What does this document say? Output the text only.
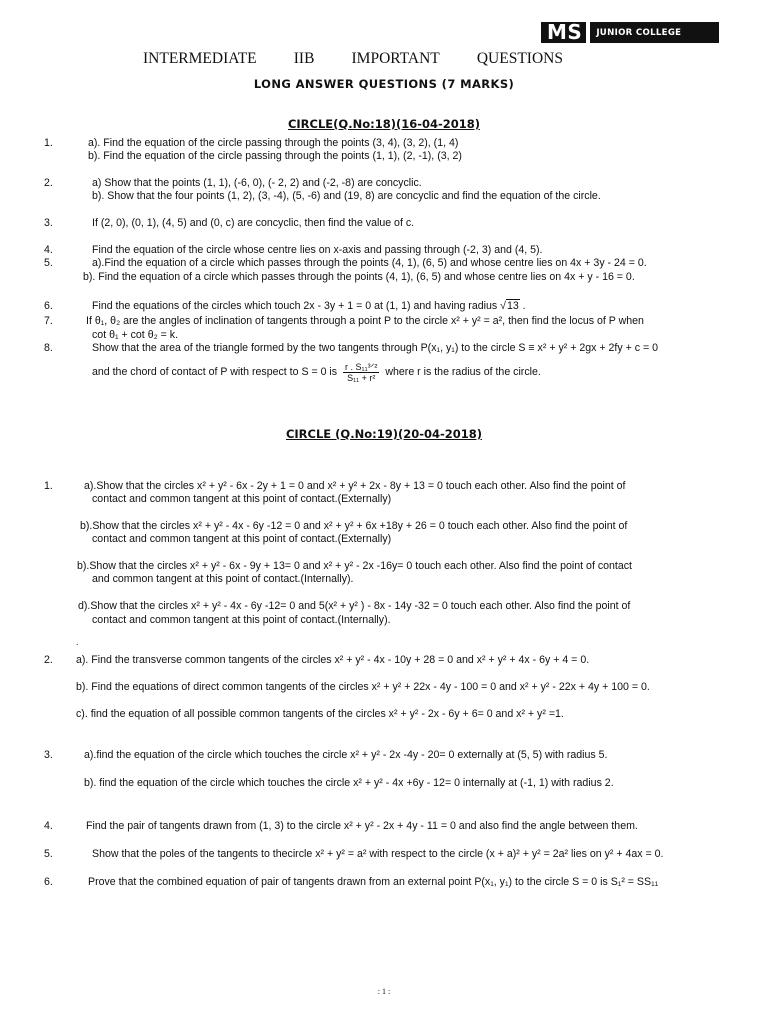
MS	JUNIOR COLLEGE
INTERMEDIATE IIB IMPORTANT QUESTIONS
LONG ANSWER QUESTIONS (7 MARKS)
CIRCLE(Q.No:18)(16-04-2018)
1.	a). Find the equation of the circle passing through the points (3, 4), (3, 2), (1, 4)
b). Find the equation of the circle passing through the points (1, 1), (2, -1), (3, 2)
2.	a) Show that the points (1, 1), (-6, 0), (- 2, 2) and (-2, -8) are concyclic.
b). Show that the four points (1, 2), (3, -4), (5, -6) and (19, 8) are concyclic and find the equation of the circle.
3.	If (2, 0), (0, 1), (4, 5) and (0, c) are concyclic, then find the value of c.
4.	Find the equation of the circle whose centre lies on x-axis and passing through (-2, 3) and (4, 5).
5.	a).Find the equation of a circle which passes through the points (4, 1), (6, 5) and whose centre lies on 4x + 3y - 24 = 0.
b). Find the equation of a circle which passes through the points (4, 1), (6, 5) and whose centre lies on 4x + y - 16 = 0.
6.	Find the equations of the circles which touch 2x - 3y + 1 = 0 at (1, 1) and having radius √13 .
7.	If θ₁, θ₂ are the angles of inclination of tangents through a point P to the circle x² + y² = a², then find the locus of P when
cot θ₁ + cot θ₂ = k.
8.	Show that the area of the triangle formed by the two tangents through P(x₁, y₁) to the circle S ≡ x² + y² + 2gx + 2fy + c = 0
and the chord of contact of P with respect to S = 0 is $\frac{\text{r . S₁₁³ᐟ²}}{\text{S₁₁ + r²}}$ where r is the radius of the circle.
CIRCLE (Q.No:19)(20-04-2018)
1.	a).Show that the circles x² + y² - 6x - 2y + 1 = 0 and x² + y² + 2x - 8y + 13 = 0 touch each other. Also find the point of
contact and common tangent at this point of contact.(Externally)
b).Show that the circles x² + y² - 4x - 6y -12 = 0 and x² + y² + 6x +18y + 26 = 0 touch each other. Also find the point of
contact and common tangent at this point of contact.(Externally)
b).Show that the circles x² + y² - 6x - 9y + 13= 0 and x² + y² - 2x -16y= 0 touch each other. Also find the point of contact
and common tangent at this point of contact.(Internally).
d).Show that the circles x² + y² - 4x - 6y -12= 0 and 5(x² + y² ) - 8x - 14y -32 = 0 touch each other. Also find the point of
contact and common tangent at this point of contact.(Internally).
.
2. a). Find the transverse common tangents of the circles x² + y² - 4x - 10y + 28 = 0 and x² + y² + 4x - 6y + 4 = 0.
b). Find the equations of direct common tangents of the circles x² + y² + 22x - 4y - 100 = 0 and x² + y² - 22x + 4y + 100 = 0.
c). find the equation of all possible common tangents of the circles x² + y² - 2x - 6y + 6= 0 and x² + y² =1.
3.	a).find the equation of the circle which touches the circle x² + y² - 2x -4y - 20= 0 externally at (5, 5) with radius 5.
b). find the equation of the circle which touches the circle x² + y² - 4x +6y - 12= 0 internally at (-1, 1) with radius 2.
4.	Find the pair of tangents drawn from (1, 3) to the circle x² + y² - 2x + 4y - 11 = 0 and also find the angle between them.
5.	Show that the poles of the tangents to thecircle x² + y² = a² with respect to the circle (x + a)² + y² = 2a² lies on y² + 4ax = 0.
6.	Prove that the combined equation of pair of tangents drawn from an external point P(x₁, y₁) to the circle S = 0 is S₁² = SS₁₁
: 1 :
